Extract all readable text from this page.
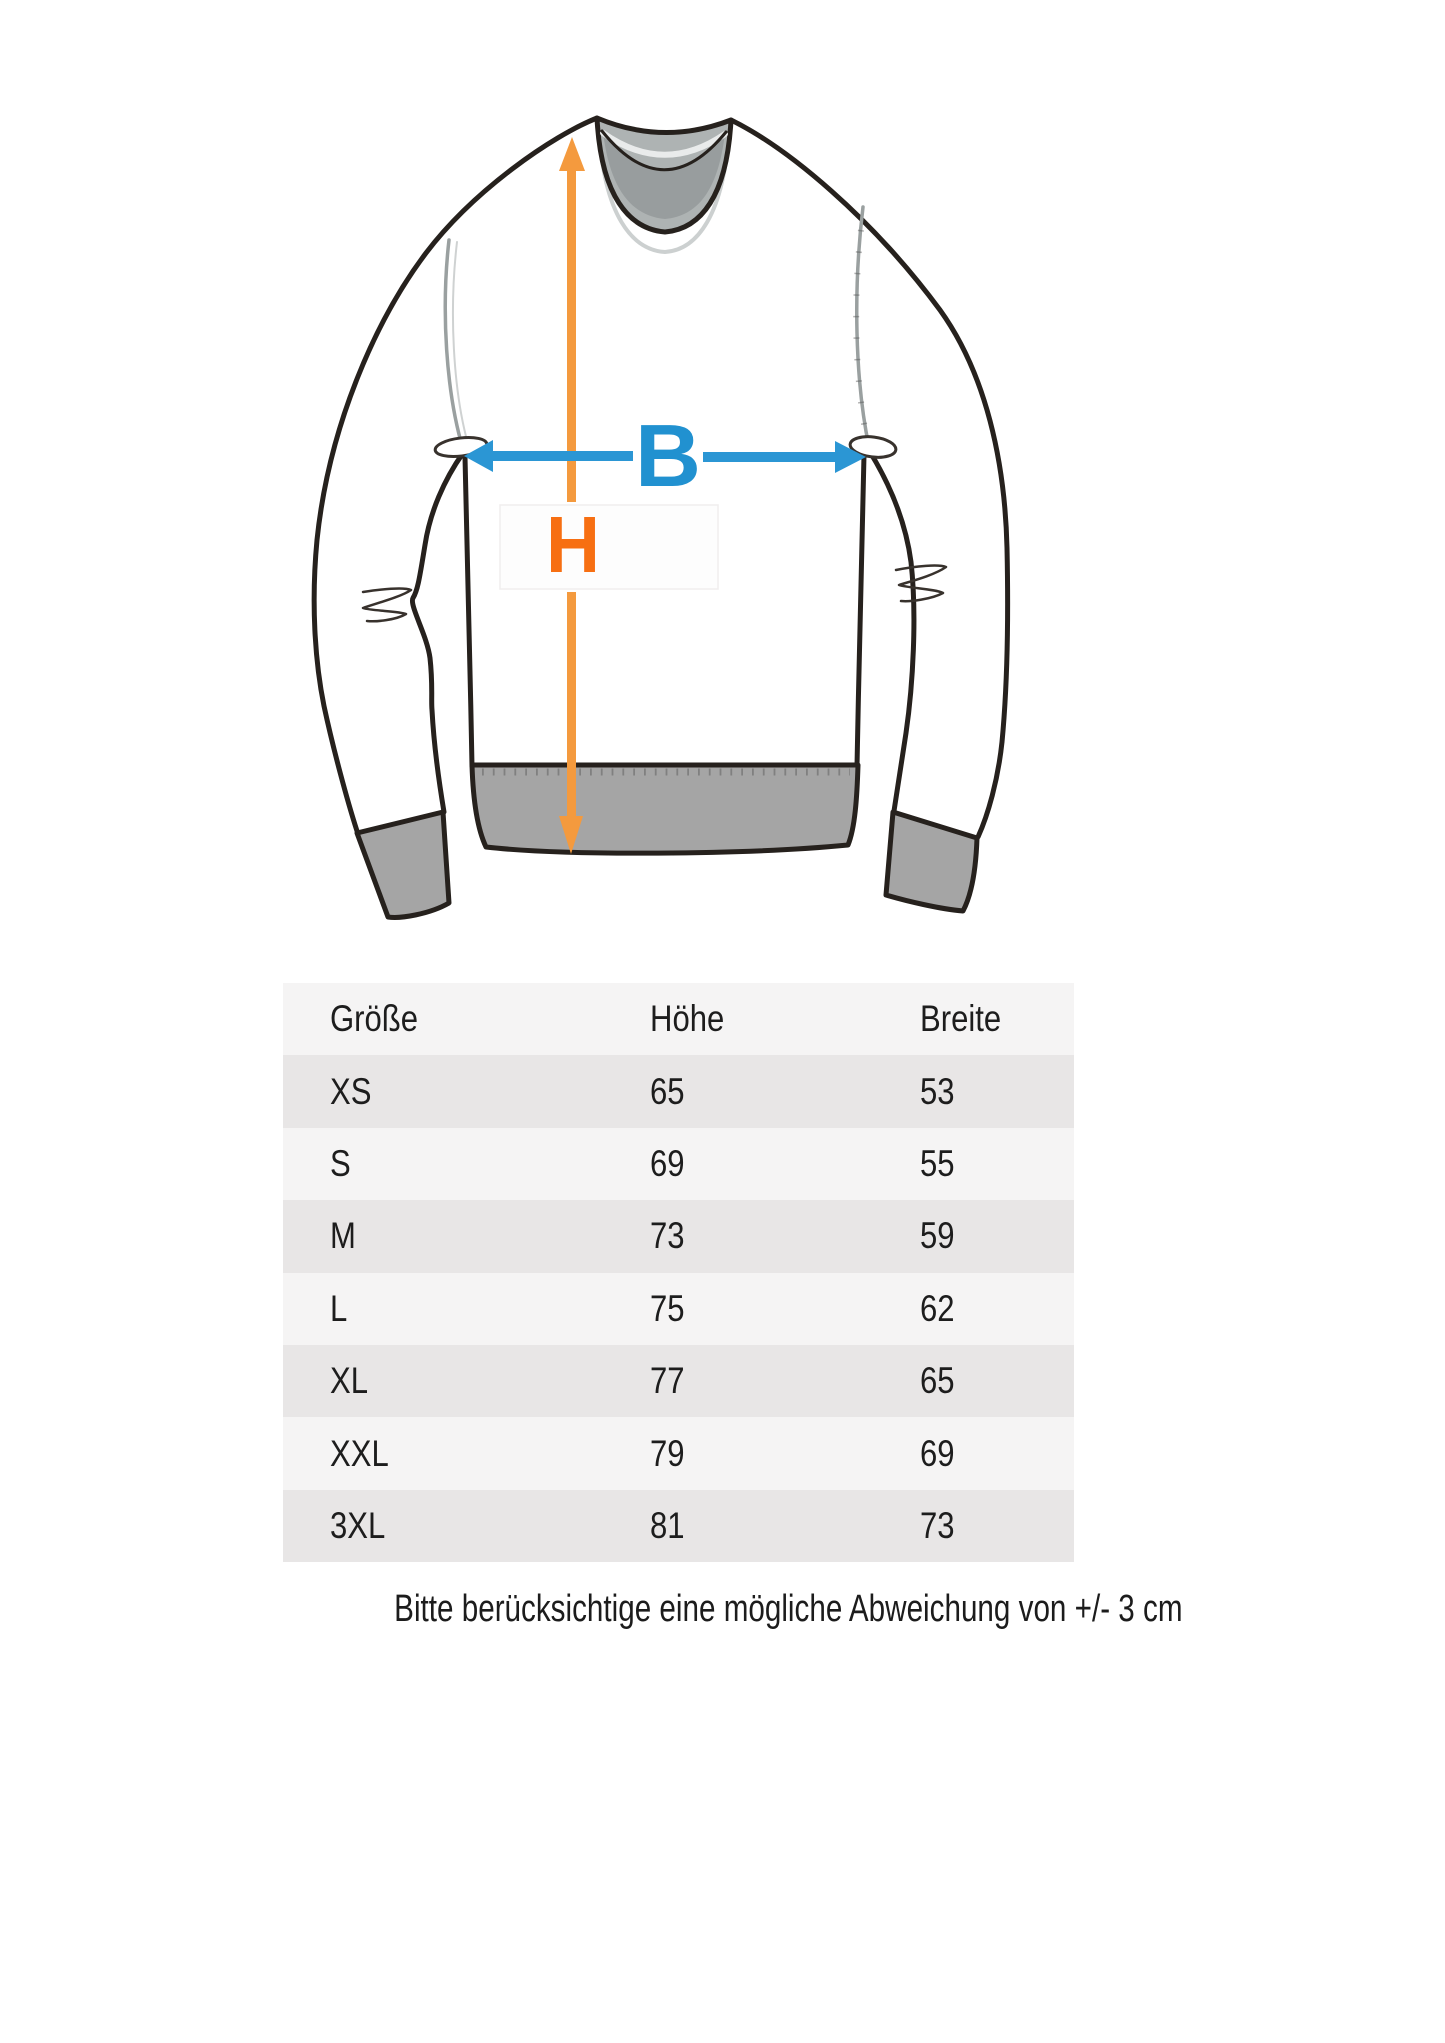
B
H
Größe	Höhe	Breite
XS	65	53
S	69	55
M	73	59
L	75	62
XL	77	65
XXL	79	69
3XL	81	73
Bitte berücksichtige eine mögliche Abweichung von +/- 3 cm
